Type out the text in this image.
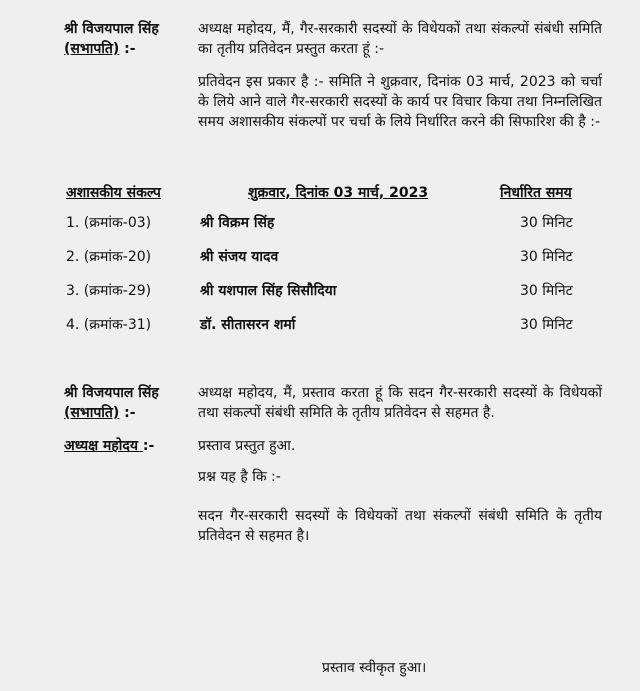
श्री विजयपाल सिंह
(सभापति) :-
अध्यक्ष महोदय, मैं, गैर-सरकारी सदस्यों के विधेयकों तथा संकल्पों संबंधी समिति का तृतीय प्रतिवेदन प्रस्तुत करता हूं :-
प्रतिवेदन इस प्रकार है :- समिति ने शुक्रवार, दिनांक 03 मार्च, 2023 को चर्चा के लिये आने वाले गैर-सरकारी सदस्यों के कार्य पर विचार किया तथा निम्नलिखित समय अशासकीय संकल्पों पर चर्चा के लिये निर्धारित करने की सिफारिश की है :-
अशासकीय संकल्प	शुक्रवार, दिनांक 03 मार्च, 2023	निर्धारित समय
1. (क्रमांक-03)	श्री विक्रम सिंह	30 मिनिट
2. (क्रमांक-20)	श्री संजय यादव	30 मिनिट
3. (क्रमांक-29)	श्री यशपाल सिंह सिसौदिया	30 मिनिट
4. (क्रमांक-31)	डॉ. सीतासरन शर्मा	30 मिनिट
श्री विजयपाल सिंह
(सभापति) :-
अध्यक्ष महोदय, मैं, प्रस्ताव करता हूं कि सदन गैर-सरकारी सदस्यों के विधेयकों तथा संकल्पों संबंधी समिति के तृतीय प्रतिवेदन से सहमत है.
अध्यक्ष महोदय :-	प्रस्ताव प्रस्तुत हुआ.
प्रश्न यह है कि :-
सदन गैर-सरकारी सदस्यों के विधेयकों तथा संकल्पों संबंधी समिति के तृतीय प्रतिवेदन से सहमत है।
प्रस्ताव स्वीकृत हुआ।
